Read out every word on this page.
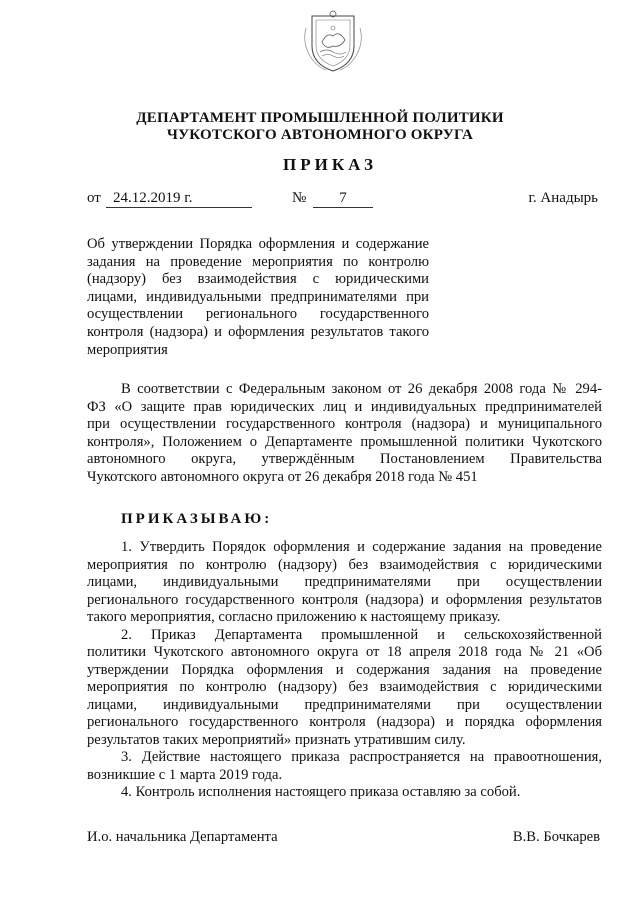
ДЕПАРТАМЕНТ ПРОМЫШЛЕННОЙ ПОЛИТИКИ
ЧУКОТСКОГО АВТОНОМНОГО ОКРУГА
ПРИКАЗ
от 24.12.2019 г.	№	7	г. Анадырь
Об утверждении Порядка оформления и содержание
задания на проведение мероприятия по контролю
(надзору) без взаимодействия с юридическими
лицами, индивидуальными предпринимателями при
осуществлении регионального государственного
контроля (надзора) и оформления результатов такого
мероприятия
В соответствии с Федеральным законом от 26 декабря 2008 года № 294-
ФЗ «О защите прав юридических лиц и индивидуальных предпринимателей
при осуществлении государственного контроля (надзора) и муниципального
контроля», Положением о Департаменте промышленной политики Чукотского
автономного округа, утверждённым Постановлением Правительства
Чукотского автономного округа от 26 декабря 2018 года № 451
ПРИКАЗЫВАЮ:
1. Утвердить Порядок оформления и содержание задания на проведение
мероприятия по контролю (надзору) без взаимодействия с юридическими
лицами, индивидуальными предпринимателями при осуществлении
регионального государственного контроля (надзора) и оформления результатов
такого мероприятия, согласно приложению к настоящему приказу.
2. Приказ Департамента промышленной и сельскохозяйственной
политики Чукотского автономного округа от 18 апреля 2018 года № 21 «Об
утверждении Порядка оформления и содержания задания на проведение
мероприятия по контролю (надзору) без взаимодействия с юридическими
лицами, индивидуальными предпринимателями при осуществлении
регионального государственного контроля (надзора) и порядка оформления
результатов таких мероприятий» признать утратившим силу.
3. Действие настоящего приказа распространяется на правоотношения,
возникшие с 1 марта 2019 года.
4. Контроль исполнения настоящего приказа оставляю за собой.
И.о. начальника Департамента	В.В. Бочкарев
